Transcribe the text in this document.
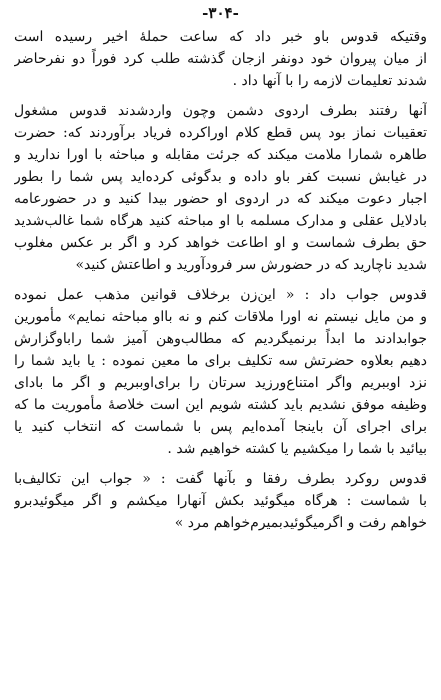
-۳۰۴-
وقتیکه قدوس باو خبر داد که ساعت حملهٔ اخیر رسیده است
از میان پیروان خود دونفر ازجان گذشته طلب کرد فوراً دو نفرحاضر
شدند تعلیمات لازمه را با آنها داد .
آنها رفتند بطرف اردوی دشمن وچون واردشدند قدوس مشغول
تعقیبات نماز بود پس قطع کلام اوراکرده فریاد برآوردند که: حضرت
طاهره شمارا ملامت میکند که جرئت مقابله و مباحثه با اورا ندارید و
در غیابش نسبت کفر باو داده و بدگوئی کرده‌اید پس شما را بطور
اجبار دعوت میکند که در اردوی او حضور بیدا کنید و در حضورعامه
بادلایل عقلی و مدارک مسلمه با او مباحثه کنید هرگاه شما غالب‌شدید
حق بطرف شماست و او اطاعت خواهد کرد و اگر بر عکس مغلوب
شدید ناچارید که در حضورش سر فرودآورید و اطاعتش کنید»
قدوس جواب داد : « این‌زن برخلاف قوانین مذهب عمل نموده
و من مایل نیستم نه اورا ملاقات کنم و نه بااو مباحثه نمایم» مأمورین
جوابدادند ما ابداً برنمیگردیم که مطالب‌وهن آمیز شما رابا‌وگزارش
دهیم بعلاوه حضرتش سه تکلیف برای ما معین نموده : یا باید شما را
نزد اوببریم واگر امتناع‌ورزید سرتان را برای‌اوببریم و اگر ما بادای
وظیفه موفق نشدیم باید کشته شویم این است خلاصهٔ مأموریت ما که
برای اجرای آن باینجا آمده‌ایم پس با شماست که انتخاب کنید یا
بیائید با شما را میکشیم یا کشته خواهیم شد .
قدوس روکرد بطرف رفقا و بآنها گفت : « جواب این تکالیف‌با
با شماست : هرگاه میگوئید بکش آنهارا میکشم و اگر میگوئیدبرو
خواهم رفت و اگرمیگوئیدبمیرم‌خواهم مرد »
